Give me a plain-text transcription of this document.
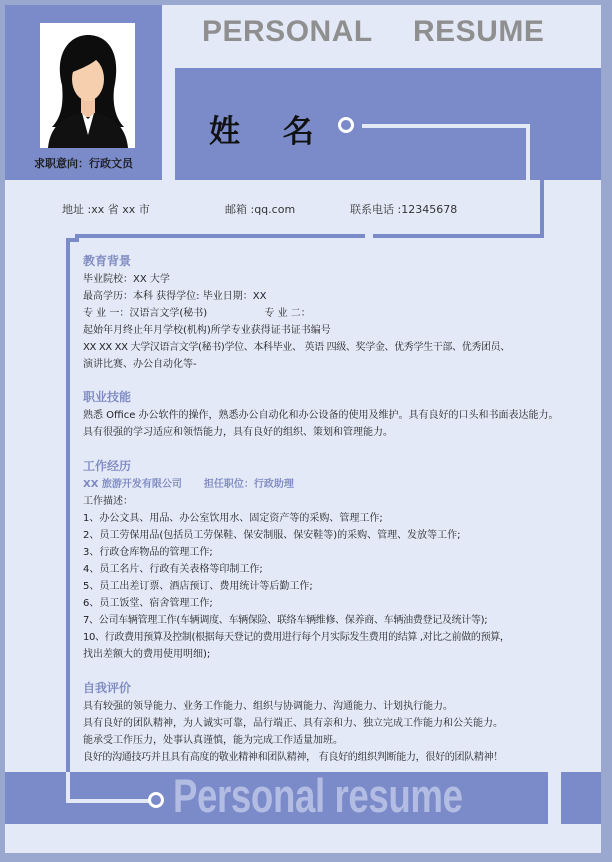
求职意向：行政文员
PERSONAL RESUME
姓 名
地址 :xx 省 xx 市	邮箱 :qq.com	联系电话 :12345678
教育背景
毕业院校：XX 大学
最高学历：本科 获得学位: 毕业日期：XX
专 业 一：汉语言文学(秘书)                  专 业 二：
起始年月终止年月学校(机构)所学专业获得证书证书编号
XX XX XX 大学汉语言文学(秘书)学位、本科毕业、 英语 四级、奖学金、优秀学生干部、优秀团员、
演讲比赛、办公自动化等-
职业技能
熟悉 Office 办公软件的操作，熟悉办公自动化和办公设备的使用及维护。具有良好的口头和书面表达能力。具有很强的学习适应和领悟能力，具有良好的组织、策划和管理能力。
工作经历
XX 旅游开发有限公司 担任职位：行政助理
工作描述：
1、办公文具、用品、办公室饮用水、固定资产等的采购、管理工作;
2、员工劳保用品(包括员工劳保鞋、保安制服、保安鞋等)的采购、管理、发放等工作;
3、行政仓库物品的管理工作;
4、员工名片、行政有关表格等印制工作;
5、员工出差订票、酒店预订、费用统计等后勤工作;
6、员工饭堂、宿舍管理工作;
7、公司车辆管理工作(车辆调度、车辆保险、联络车辆维修、保养商、车辆油费登记及统计等);
10、行政费用预算及控制(根据每天登记的费用进行每个月实际发生费用的结算 ,对比之前做的预算，
找出差额大的费用使用明细);
自我评价
具有较强的领导能力、业务工作能力、组织与协调能力、沟通能力、计划执行能力。
具有良好的团队精神，为人诚实可靠，品行端正、具有亲和力、独立完成工作能力和公关能力。
能承受工作压力，处事认真谨慎，能为完成工作适量加班。
良好的沟通技巧并且具有高度的敬业精神和团队精神， 有良好的组织判断能力，很好的团队精神！
Personal resume
